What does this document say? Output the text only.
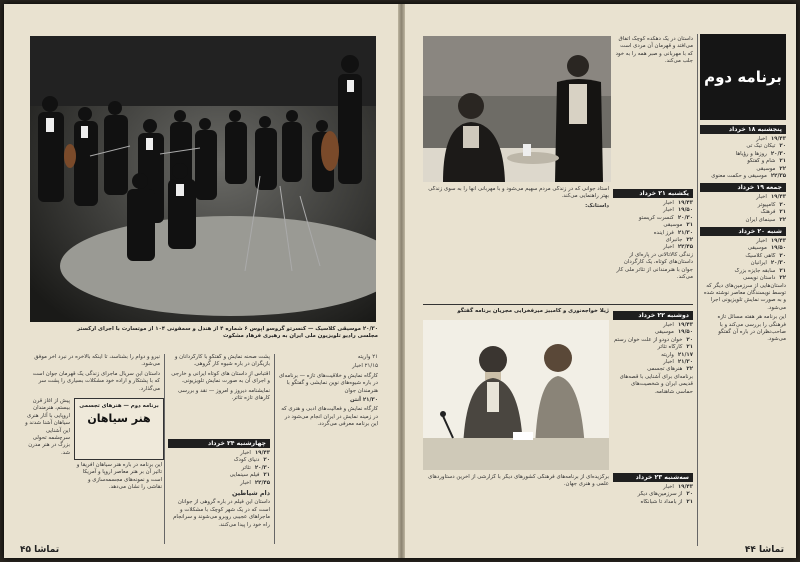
۲۰/۳۰ موسیقی کلاسیک — کنسرتو گروسو اپوس ۶ شماره ۴ از هندل و سمفونی ۱۰۴ از موتسارت با اجرای ارکستر مجلسی رادیو تلویزیون ملی ایران به رهبری فرهاد مشکوت

۲۱ واریته

۲۱/۱۵ اخبار

کارگاه نمایش و خلاقیت‌های تازه — برنامه‌ای در باره شیوه‌های نوین نمایشی و گفتگو با هنرمندان جوان

۲۱/۳۰ آنتن

کارگاه نمایش و فعالیت‌های ادبی و هنری که در زمینه نمایش در ایران انجام می‌شود در این برنامه معرفی می‌گردد.

پشت صحنه نمایش و گفتگو با کارگردانان و بازیگران در باره شیوه کار گروهی.

اقتباس از داستان های کوتاه ایرانی و خارجی و اجرای آن به صورت نمایش تلویزیونی.

نمایشنامه دیروز و امروز — نقد و بررسی کارهای تازه تئاتر.

چهارشنبه ۲۴ خرداد
۱۹/۴۳اخبار
۲۰دنیای کودک
۲۰/۳۰تئاتر
۲۱فیلم سینمایی
۲۲/۴۵اخبار

دام شیاطین

داستان این فیلم در باره گروهی از جوانان است که در یک شهر کوچک با مشکلات و ماجراهای عجیبی روبرو می‌شوند و سرانجام راه خود را پیدا می‌کنند.

نیرو و دوام را بشناسد، تا اینکه بالاخره در نبرد آخر موفق می‌شود.

داستان این سریال ماجرای زندگی یک قهرمان جوان است که با پشتکار و اراده خود مشکلات بسیاری را پشت سر می‌گذارد.

برنامه دوم — هنرهای تجسمی
هنر سیاهان

این برنامه در باره هنر سیاهان آفریقا و تاثیر آن بر هنر معاصر اروپا و آمریکا است و نمونه‌های مجسمه‌سازی و نقاشی را نشان می‌دهد.

پیش از آغاز قرن بیستم، هنرمندان اروپایی با آثار هنری سیاهان آشنا شدند و این آشنایی سرچشمه تحولی بزرگ در هنر مدرن شد.

تماشا ۴۵
برنامه دوم
پنجشنبه ۱۸ خرداد
۱۹/۴۳اخبار
۲۰تیکان تیک تی
۲۰/۳۰روزها و رؤیاها
۲۱شام و گفتگو
۲۲موسیقی
۲۲/۳۵موسیقی و حکمت معنوی
جمعه ۱۹ خرداد
۱۹/۴۳اخبار
۲۰کامپیوتر
۲۱فرهنگ
۲۲سینمای ایران
شنبه ۲۰ خرداد
۱۹/۴۳اخبار
۱۹/۵۰موسیقی
۲۰گاهی کلاسیک
۲۰/۳۰ایرانیان
۲۱سابقه جایزه بزرگ
۲۲داستان نویسی

داستان‌هایی از سرزمین‌های دیگر که توسط نویسندگان معاصر نوشته شده و به صورت نمایش تلویزیونی اجرا می‌شود.

این برنامه هر هفته مسائل تازه فرهنگی را بررسی می‌کند و با صاحب‌نظران در باره آن گفتگو می‌شود.

داستان در یک دهکده کوچک اتفاق می‌افتد و قهرمان آن مردی است که با مهربانی و صبر همه را به خود جلب می‌کند.

یکشنبه ۲۱ خرداد
۱۹/۴۳اخبار
۱۹/۵۰اخبار
۲۰/۳۰کنسرت کریستو
۲۱موسیقی
۲۱/۳۰فرز آینده
۲۲جانبرای
۲۲/۴۵اخبار

زندگی کالاتالانی در پاره‌ای از داستان‌های کوتاه، یک کارگردان جوان با هنرمندانی از تئاتر ملی کار می‌کند.

استاد جوانی که در زندگی مردم سهیم می‌شود و با مهربانی آنها را به سوی زندگی بهتر راهنمایی می‌کند.

داستانک:

دوشنبه ۲۲ خرداد
۱۹/۴۳اخبار
۱۹/۵۰موسیقی
۲۰خوان دودو از علت خوان رستم
۲۱کارگاه تئاتر
۲۱/۱۷واریته
۲۱/۳۰اخبار
۲۲هنرهای تجسمی

برنامه‌ای برای آشنایی با قصه‌های قدیمی ایران و شخصیت‌های حماسی شاهنامه.

ژیلا خواجه‌نوری و کامبیز میرفخرایی مجریان برنامه گفتگو
سه‌شنبه ۲۳ خرداد
۱۹/۴۳اخبار
۲۰از سرزمین‌های دیگر
۲۱از بامداد تا شبانگاه

برگزیده‌ای از برنامه‌های فرهنگی کشورهای دیگر با گزارشی از آخرین دستاوردهای علمی و هنری جهان.

تماشا ۴۴
